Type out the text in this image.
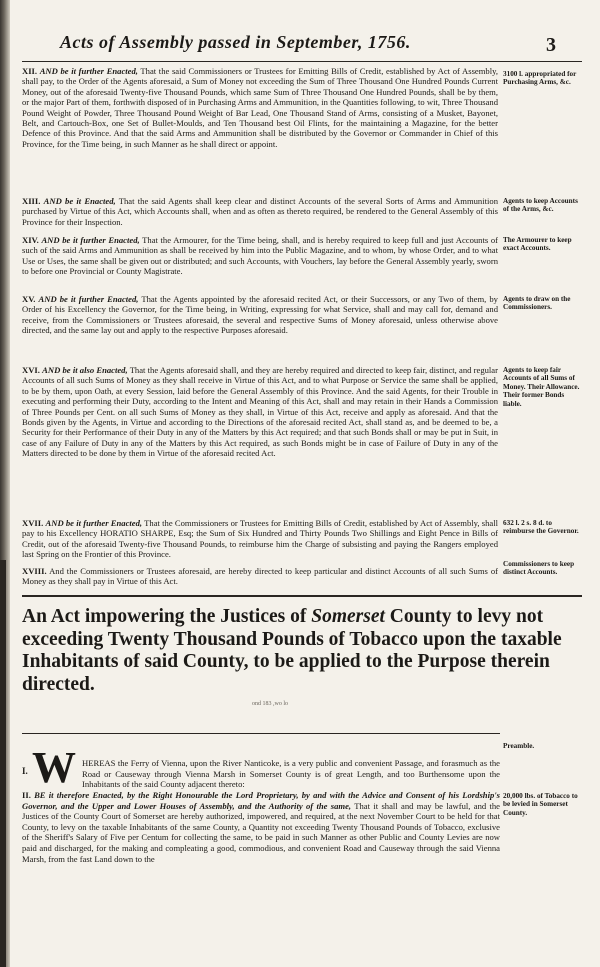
Acts of Assembly passed in September, 1756.	3
XII. AND be it further Enacted, That the said Commissioners or Trustees for Emitting Bills of Credit, established by Act of Assembly, shall pay, to the Order of the Agents aforesaid, a Sum of Money not exceeding the Sum of Three Thousand One Hundred Pounds Current Money, out of the aforesaid Twenty-five Thousand Pounds, which same Sum of Three Thousand One Hundred Pounds, shall be by them, or the major Part of them, forthwith disposed of in Purchasing Arms and Ammunition, in the Quantities following, to wit, Three Thousand Pound Weight of Powder, Three Thousand Pound Weight of Bar Lead, One Thousand Stand of Arms, consisting of a Musket, Bayonet, Belt, and Cartouch-Box, one Set of Bullet-Moulds, and Ten Thousand best Oil Flints, for the maintaining a Magazine, for the better Defence of this Province. And that the said Arms and Ammunition shall be distributed by the Governor or Commander in Chief of this Province, for the Time being, in such Manner as he shall direct or appoint.
3100 l. appropriated for Purchasing Arms, &c.
XIII. AND be it Enacted, That the said Agents shall keep clear and distinct Accounts of the several Sorts of Arms and Ammunition purchased by Virtue of this Act, which Accounts shall, when and as often as thereto required, be rendered to the General Assembly of this Province for their Inspection.
Agents to keep Accounts of the Arms, &c.
XIV. AND be it further Enacted, That the Armourer, for the Time being, shall, and is hereby required to keep full and just Accounts of such of the said Arms and Ammunition as shall be received by him into the Public Magazine, and to whom, by whose Order, and to what Use or Uses, the same shall be given out or distributed; and such Accounts, with Vouchers, lay before the General Assembly yearly, sworn to before one Provincial or County Magistrate.
The Armourer to keep exact Accounts.
XV. AND be it further Enacted, That the Agents appointed by the aforesaid recited Act, or their Successors, or any Two of them, by Order of his Excellency the Governor, for the Time being, in Writing, expressing for what Service, shall and may call for, demand and receive, from the Commissioners or Trustees aforesaid, the several and respective Sums of Money aforesaid, unless otherwise above directed, and the same lay out and apply to the respective Purposes aforesaid.
Agents to draw on the Commissioners.
XVI. AND be it also Enacted, That the Agents aforesaid shall, and they are hereby required and directed to keep fair, distinct, and regular Accounts of all such Sums of Money as they shall receive in Virtue of this Act, and to what Purpose or Service the same shall be applied, to be by them, upon Oath, at every Session, laid before the General Assembly of this Province. And the said Agents, for their Trouble in executing and performing their Duty, according to the Intent and Meaning of this Act, shall and may retain in their Hands a Commission of Three Pounds per Cent. on all such Sums of Money as they shall, in Virtue of this Act, receive and apply as aforesaid. And that the Bonds given by the Agents, in Virtue and according to the Directions of the aforesaid recited Act, shall stand as, and be deemed to be, a Security for their Performance of their Duty in any of the Matters by this Act required; and that such Bonds shall or may be put in Suit, in case of any Failure of Duty in any of the Matters by this Act required, as such Bonds might be in case of Failure of Duty in any of the Matters directed to be done by them in Virtue of the aforesaid recited Act.
Agents to keep fair Accounts of all Sums of Money. Their Allowance. Their former Bonds liable.
XVII. AND be it further Enacted, That the Commissioners or Trustees for Emitting Bills of Credit, established by Act of Assembly, shall pay to his Excellency HORATIO SHARPE, Esq; the Sum of Six Hundred and Thirty Pounds Two Shillings and Eight Pence in Bills of Credit, out of the aforesaid Twenty-five Thousand Pounds, to reimburse him the Charge of subsisting and paying the Rangers employed last Spring on the Frontier of this Province.
632 l. 2 s. 8 d. to reimburse the Governor.
XVIII. And the Commissioners or Trustees aforesaid, are hereby directed to keep particular and distinct Accounts of all such Sums of Money as they shall pay in Virtue of this Act.
Commissioners to keep distinct Accounts.
An Act impowering the Justices of Somerset County to levy not exceeding Twenty Thousand Pounds of Tobacco upon the taxable Inhabitants of said County, to be applied to the Purpose therein directed.
ond 183 ,wo lo
I. W HEREAS the Ferry of Vienna, upon the River Nanticoke, is a very public and convenient Passage, and forasmuch as the Road or Causeway through Vienna Marsh in Somerset County is of great Length, and too Burthensome upon the Inhabitants of the said County adjacent thereto:
Preamble.
II. BE it therefore Enacted, by the Right Honourable the Lord Proprietary, by and with the Advice and Consent of his Lordship's Governor, and the Upper and Lower Houses of Assembly, and the Authority of the same, That it shall and may be lawful, and the Justices of the County Court of Somerset are hereby authorized, impowered, and required, at the next November Court to be held for that County, to levy on the taxable Inhabitants of the same County, a Quantity not exceeding Twenty Thousand Pounds of Tobacco, exclusive of the Sheriff's Salary of Five per Centum for collecting the same, to be paid in such Manner as other Public and County Levies are now paid and discharged, for the making and compleating a good, commodious, and convenient Road and Causeway through the said Vienna Marsh, from the fast Land down to the
20,000 lbs. of Tobacco to be levied in Somerset County.
